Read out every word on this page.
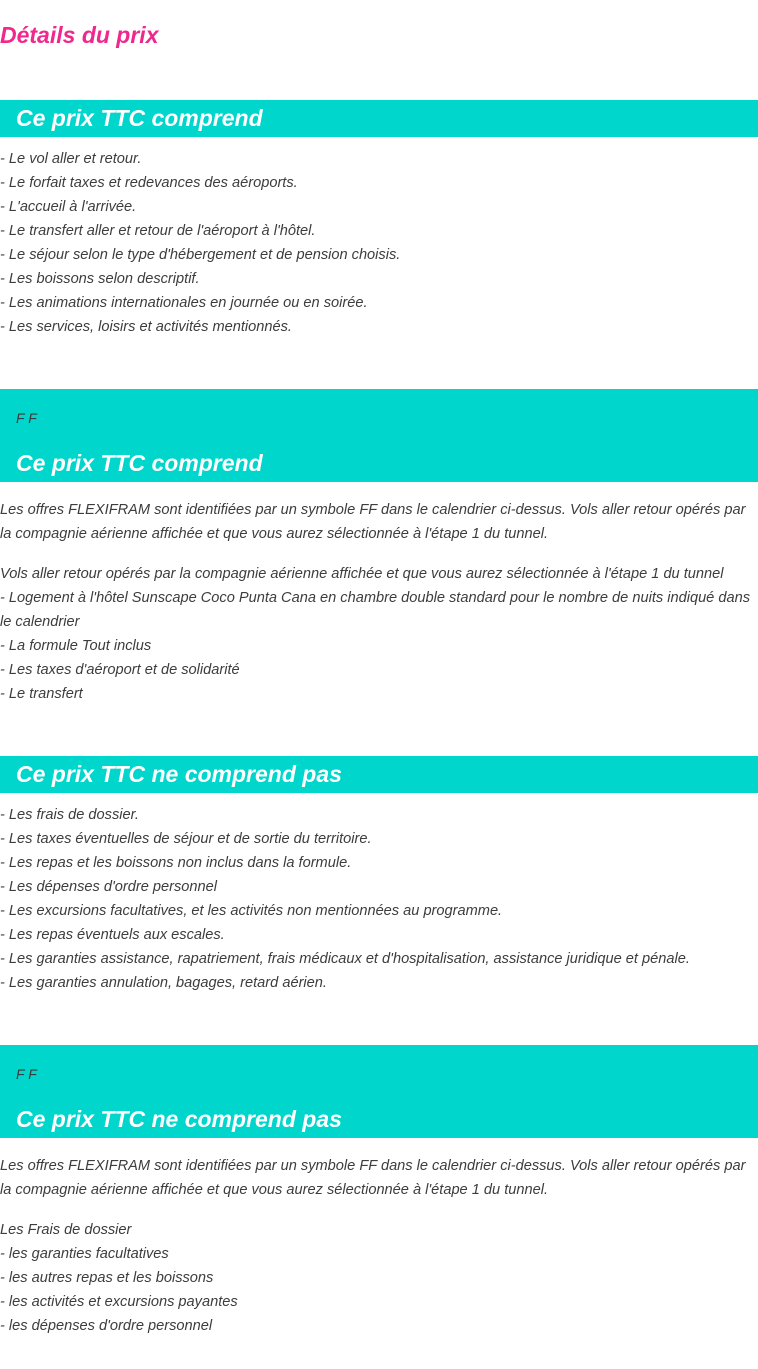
Détails du prix
Ce prix TTC comprend
- Le vol aller et retour.
- Le forfait taxes et redevances des aéroports.
- L'accueil à l'arrivée.
- Le transfert aller et retour de l'aéroport à l'hôtel.
- Le séjour selon le type d'hébergement et de pension choisis.
- Les boissons selon descriptif.
- Les animations internationales en journée ou en soirée.
- Les services, loisirs et activités mentionnés.
F F
Ce prix TTC comprend

Les offres FLEXIFRAM sont identifiées par un symbole FF dans le calendrier ci-dessus. Vols aller retour opérés par la compagnie aérienne affichée et que vous aurez sélectionnée à l'étape 1 du tunnel.

Vols aller retour opérés par la compagnie aérienne affichée et que vous aurez sélectionnée à l'étape 1 du tunnel

- Logement à l'hôtel Sunscape Coco Punta Cana en chambre double standard pour le nombre de nuits indiqué dans le calendrier

- La formule Tout inclus
- Les taxes d'aéroport et de solidarité
- Le transfert
Ce prix TTC ne comprend pas
- Les frais de dossier.
- Les taxes éventuelles de séjour et de sortie du territoire.
- Les repas et les boissons non inclus dans la formule.
- Les dépenses d'ordre personnel
- Les excursions facultatives, et les activités non mentionnées au programme.
- Les repas éventuels aux escales.
- Les garanties assistance, rapatriement, frais médicaux et d'hospitalisation, assistance juridique et pénale.
- Les garanties annulation, bagages, retard aérien.
F F
Ce prix TTC ne comprend pas

Les offres FLEXIFRAM sont identifiées par un symbole FF dans le calendrier ci-dessus. Vols aller retour opérés par la compagnie aérienne affichée et que vous aurez sélectionnée à l'étape 1 du tunnel.

Les Frais de dossier
- les garanties facultatives
- les autres repas et les boissons
- les activités et excursions payantes
- les dépenses d'ordre personnel
